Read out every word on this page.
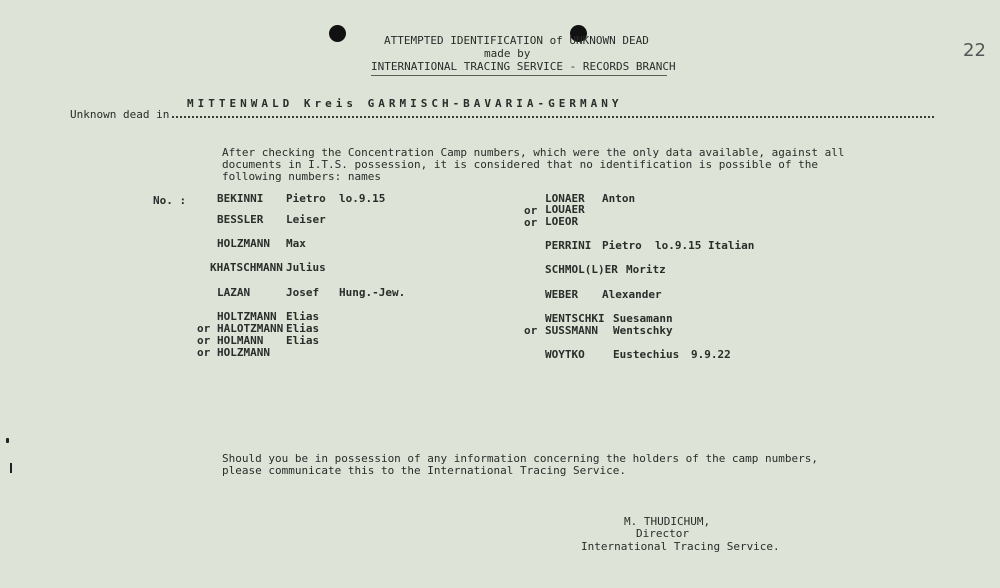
ATTEMPTED IDENTIFICATION of UNKNOWN DEAD
made by
INTERNATIONAL TRACING SERVICE - RECORDS BRANCH
22
MITTENWALD Kreis GARMISCH-BAVARIA-GERMANY
Unknown dead in
After checking the Concentration Camp numbers, which were the only data available, against all
documents in I.T.S. possession, it is considered that no identification is possible of the
following numbers: names
No. :	BEKINNI Pietro lo.9.15
BESSLER Leiser
HOLZMANN Max
KHATSCHMANN Julius
LAZAN	Josef Hung.-Jew.
HOLTZMANN Elias
or HALOTZMANN Elias
or HOLMANN Elias
or HOLZMANN
LONAER Anton
or LOUAER
or LOEOR
PERRINI Pietro lo.9.15 Italian
SCHMOL(L)ER Moritz
WEBER Alexander
WENTSCHKI Suesamann
or SUSSMANN Wentschky
WOYTKO	Eustechius 9.9.22
Should you be in possession of any information concerning the holders of the camp numbers,
please communicate this to the International Tracing Service.
M. THUDICHUM,
Director
International Tracing Service.
